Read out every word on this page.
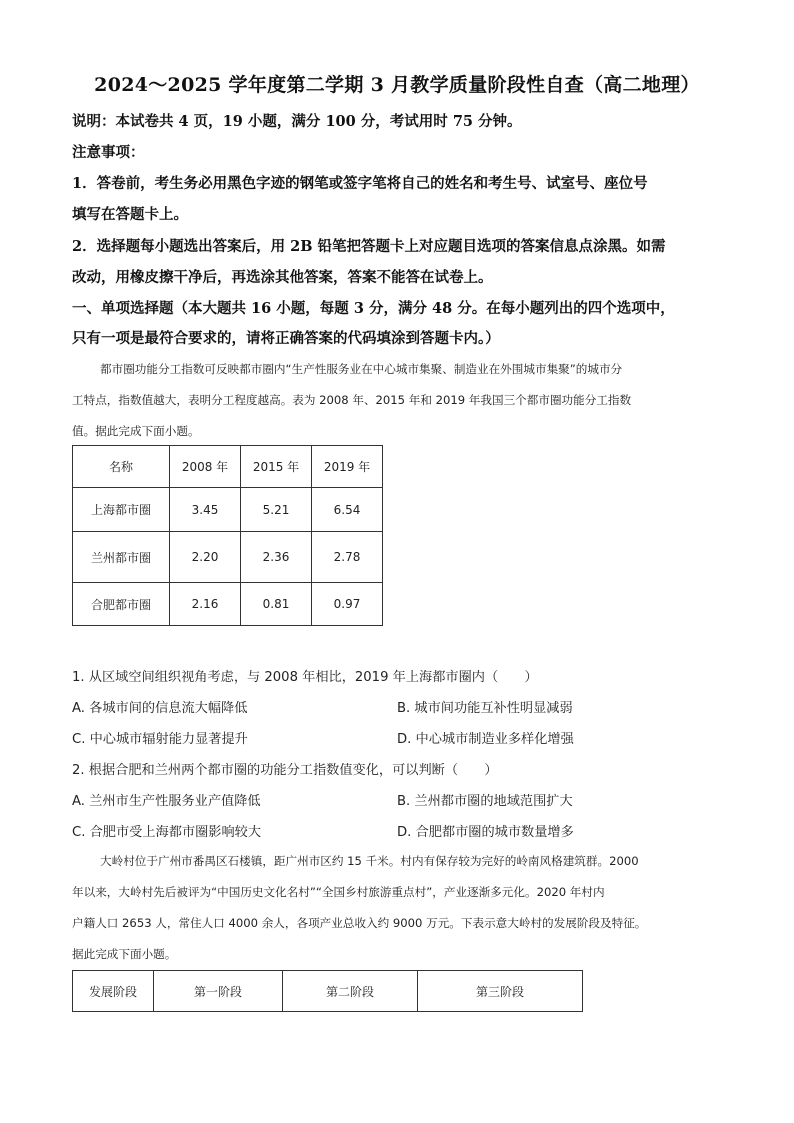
2024～2025 学年度第二学期 3 月教学质量阶段性自查（高二地理）
说明：本试卷共 4 页，19 小题，满分 100 分，考试用时 75 分钟。
注意事项：
1．答卷前，考生务必用黑色字迹的钢笔或签字笔将自己的姓名和考生号、试室号、座位号
填写在答题卡上。
2．选择题每小题选出答案后，用 2B 铅笔把答题卡上对应题目选项的答案信息点涂黑。如需
改动，用橡皮擦干净后，再选涂其他答案，答案不能答在试卷上。
一、单项选择题（本大题共 16 小题，每题 3 分，满分 48 分。在每小题列出的四个选项中，
只有一项是最符合要求的，请将正确答案的代码填涂到答题卡内。）
都市圈功能分工指数可反映都市圈内“生产性服务业在中心城市集聚、制造业在外围城市集聚”的城市分
工特点，指数值越大，表明分工程度越高。表为 2008 年、2015 年和 2019 年我国三个都市圈功能分工指数
值。据此完成下面小题。
名称	2008 年	2015 年	2019 年
上海都市圈	3.45	5.21	6.54
兰州都市圈	2.20	2.36	2.78
合肥都市圈	2.16	0.81	0.97
1. 从区域空间组织视角考虑，与 2008 年相比，2019 年上海都市圈内（　　）
A. 各城市间的信息流大幅降低	B. 城市间功能互补性明显减弱
C. 中心城市辐射能力显著提升	D. 中心城市制造业多样化增强
2. 根据合肥和兰州两个都市圈的功能分工指数值变化，可以判断（　　）
A. 兰州市生产性服务业产值降低	B. 兰州都市圈的地域范围扩大
C. 合肥市受上海都市圈影响较大	D. 合肥都市圈的城市数量增多
大岭村位于广州市番禺区石楼镇，距广州市区约 15 千米。村内有保存较为完好的岭南风格建筑群。2000
年以来，大岭村先后被评为“中国历史文化名村”“全国乡村旅游重点村”，产业逐渐多元化。2020 年村内
户籍人口 2653 人，常住人口 4000 余人，各项产业总收入约 9000 万元。下表示意大岭村的发展阶段及特征。
据此完成下面小题。
发展阶段	第一阶段	第二阶段	第三阶段
